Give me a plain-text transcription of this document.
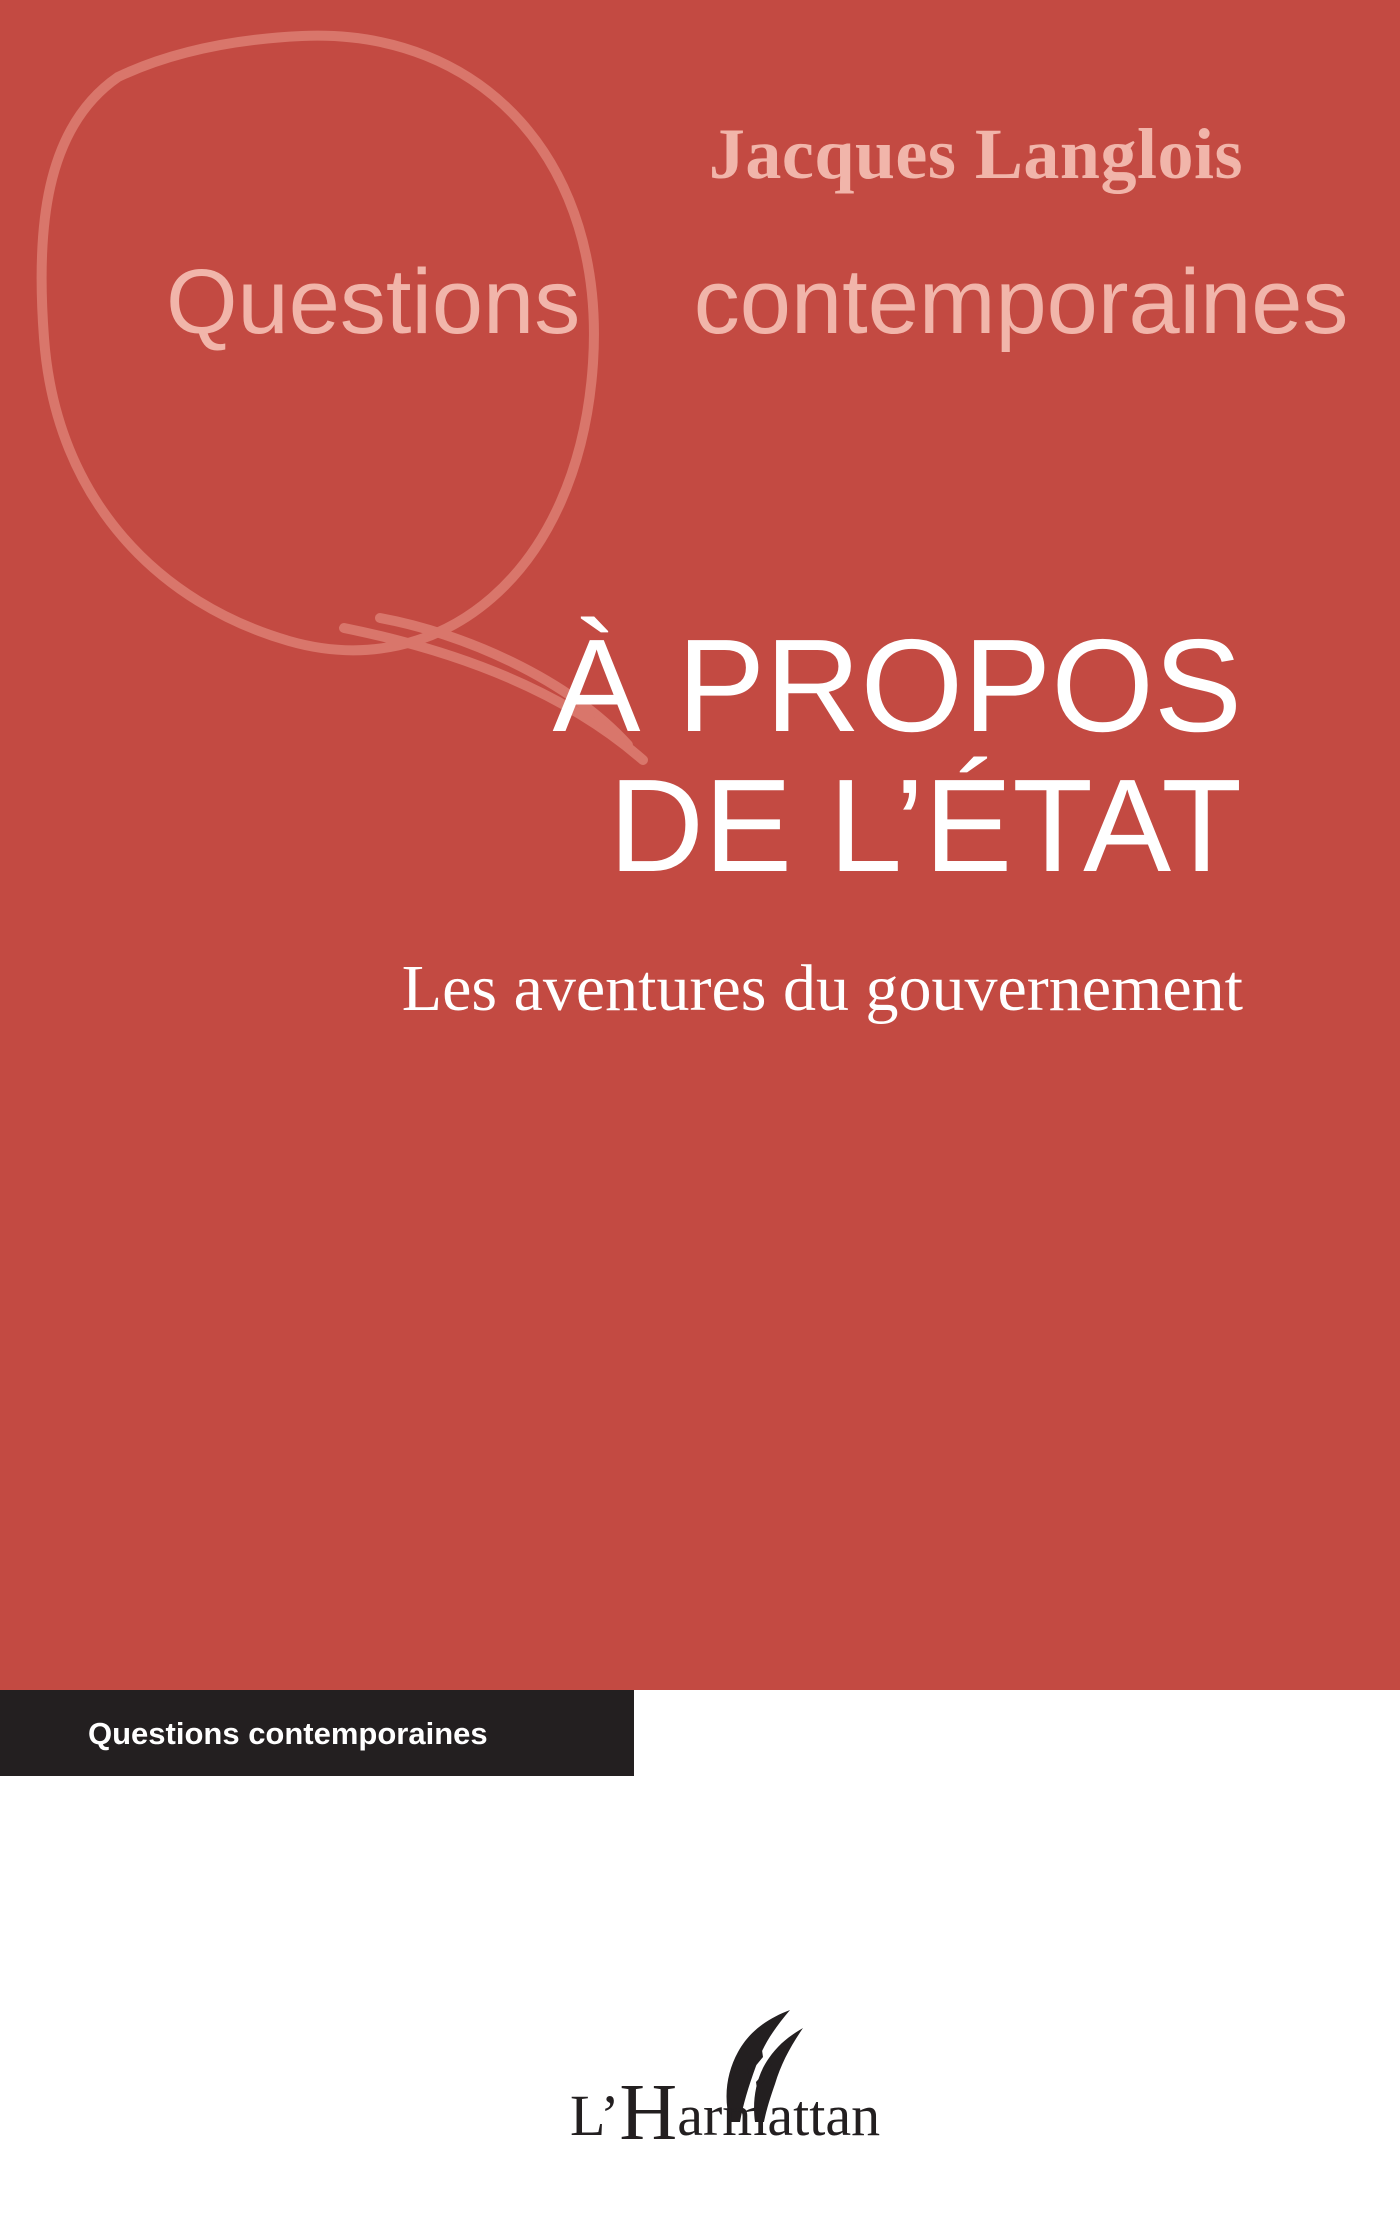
Jacques Langlois
Questions contemporaines
À PROPOS
DE L’ÉTAT
Les aventures du gouvernement
Questions contemporaines
L’Harmattan
